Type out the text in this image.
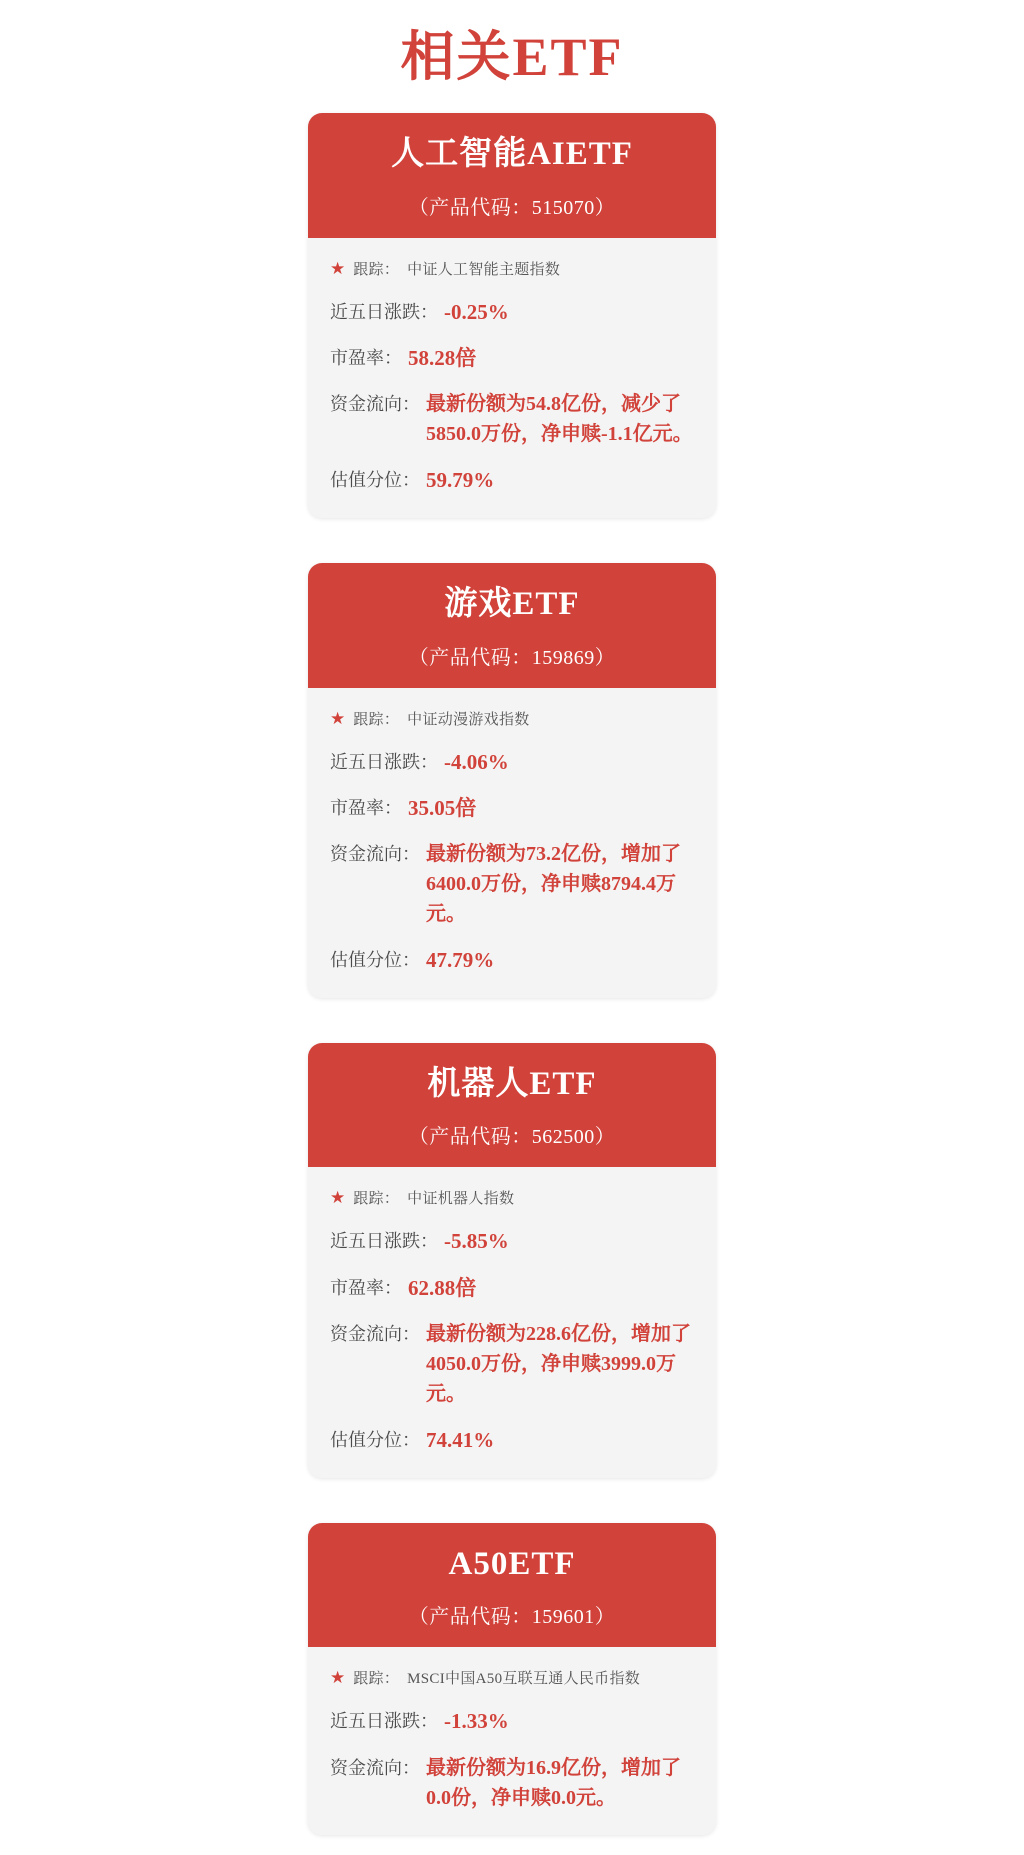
相关ETF
人工智能AIETF
（产品代码：515070）
★ 跟踪： 中证人工智能主题指数
近五日涨跌： -0.25%
市盈率： 58.28倍
资金流向： 最新份额为54.8亿份，减少了5850.0万份，净申赎-1.1亿元。
估值分位： 59.79%
游戏ETF
（产品代码：159869）
★ 跟踪： 中证动漫游戏指数
近五日涨跌： -4.06%
市盈率： 35.05倍
资金流向： 最新份额为73.2亿份，增加了6400.0万份，净申赎8794.4万元。
估值分位： 47.79%
机器人ETF
（产品代码：562500）
★ 跟踪： 中证机器人指数
近五日涨跌： -5.85%
市盈率： 62.88倍
资金流向： 最新份额为228.6亿份，增加了4050.0万份，净申赎3999.0万元。
估值分位： 74.41%
A50ETF
（产品代码：159601）
★ 跟踪： MSCI中国A50互联互通人民币指数
近五日涨跌： -1.33%
资金流向： 最新份额为16.9亿份，增加了0.0份，净申赎0.0元。
